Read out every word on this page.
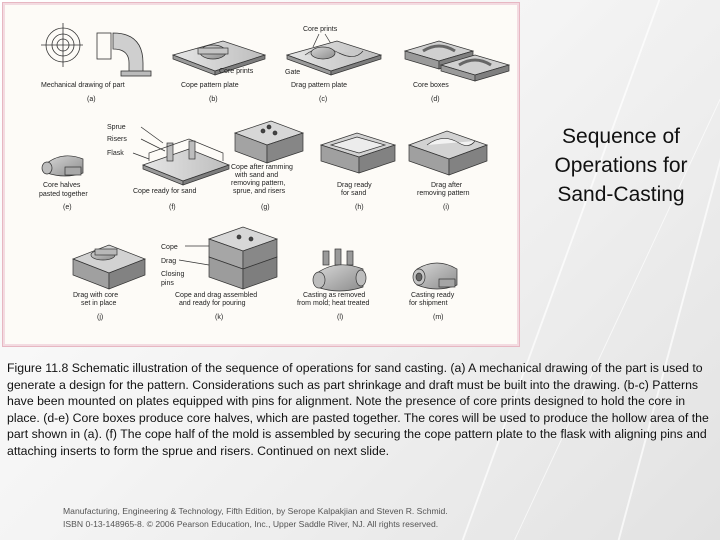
Mechanical drawing of part
(a)
Core prints
Cope pattern plate
(b)
Core prints
Gate
Drag pattern plate
(c)
Core boxes
(d)
Sprue
Risers
Flask
Core halves
pasted together
(e)
Cope ready for sand
(f)
Cope after ramming
with sand and
removing pattern,
sprue, and risers
(g)
Drag ready
for sand
(h)
Drag after
removing pattern
(i)
Drag with core
set in place
(j)
Cope
Drag
Closing
pins
Cope and drag assembled
and ready for pouring
(k)
Casting as removed
from mold; heat treated
(l)
Casting ready
for shipment
(m)
Sequence of
Operations for
Sand-Casting

Figure 11.8 Schematic illustration of the sequence of operations for sand casting. (a) A mechanical drawing of the part is used to generate a design for the pattern. Considerations such as part shrinkage and draft must be built into the drawing. (b-c) Patterns have been mounted on plates equipped with pins for alignment. Note the presence of core prints designed to hold the core in place. (d-e) Core boxes produce core halves, which are pasted together. The cores will be used to produce the hollow area of the part shown in (a). (f) The cope half of the mold is assembled by securing the cope pattern plate to the flask with aligning pins and attaching inserts to form the sprue and risers. Continued on next slide.

Manufacturing, Engineering & Technology, Fifth Edition, by Serope Kalpakjian and Steven R. Schmid.
ISBN 0-13-148965-8. © 2006 Pearson Education, Inc., Upper Saddle River, NJ. All rights reserved.
